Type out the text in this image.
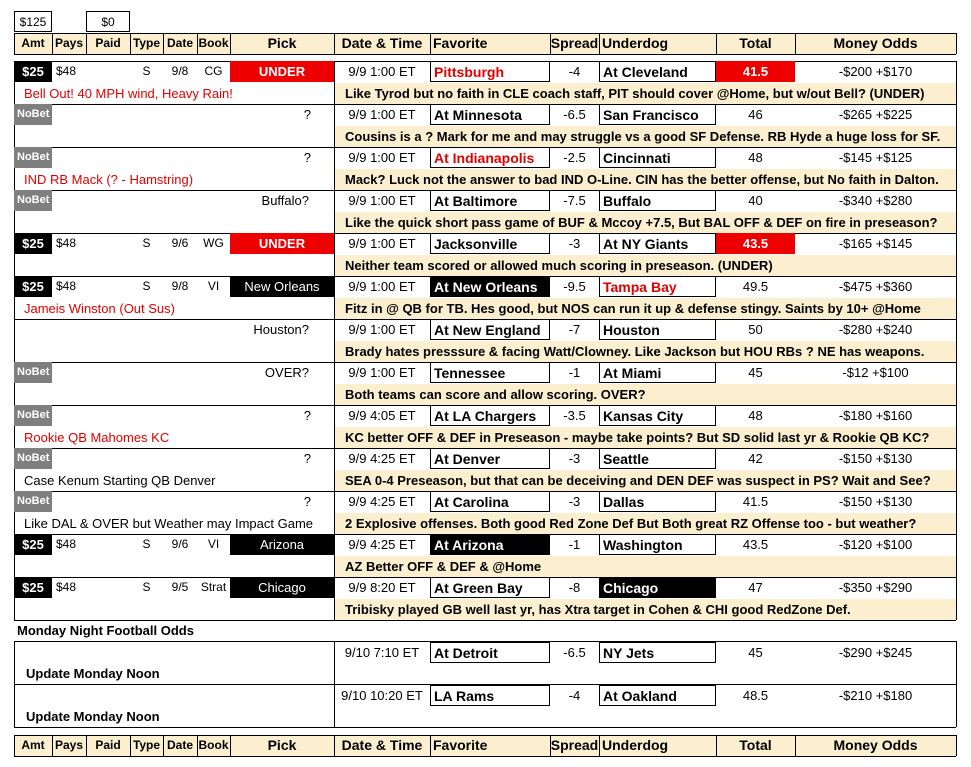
$125	$0
Amt Pays	Paid	Type Date Book	Pick	Date & Time Favorite	Spread Underdog	Total	Money Odds
Amt Pays	Paid	Type Date Book	Pick	Date & Time Favorite	Spread Underdog	Total	Money Odds
$25	$48	S	9/8	CG	UNDER	9/9 1:00 ET	Pittsburgh	-4	At Cleveland	41.5	-$200 +$170
Bell Out! 40 MPH wind, Heavy Rain!	Like Tyrod but no faith in CLE coach staff, PIT should cover @Home, but w/out Bell? (UNDER)
NoBet	?	9/9 1:00 ET	At Minnesota	-6.5	San Francisco	46	-$265 +$225
Cousins is a ? Mark for me and may struggle vs a good SF Defense. RB Hyde a huge loss for SF.
NoBet	?	9/9 1:00 ET	At Indianapolis	-2.5	Cincinnati	48	-$145 +$125
IND RB Mack (? - Hamstring)	Mack? Luck not the answer to bad IND O-Line. CIN has the better offense, but No faith in Dalton.
NoBet	Buffalo?	9/9 1:00 ET	At Baltimore	-7.5	Buffalo	40	-$340 +$280
Like the quick short pass game of BUF & Mccoy +7.5, But BAL OFF & DEF on fire in preseason?
$25	$48	S	9/6	WG	UNDER	9/9 1:00 ET	Jacksonville	-3	At NY Giants	43.5	-$165 +$145
Neither team scored or allowed much scoring in preseason. (UNDER)
$25	$48	S	9/8	VI	New Orleans	9/9 1:00 ET	At New Orleans	-9.5	Tampa Bay	49.5	-$475 +$360
Jameis Winston (Out Sus)	Fitz in @ QB for TB. Hes good, but NOS can run it up & defense stingy. Saints by 10+ @Home
Houston?	9/9 1:00 ET	At New England	-7	Houston	50	-$280 +$240
Brady hates presssure & facing Watt/Clowney. Like Jackson but HOU RBs ? NE has weapons.
NoBet	OVER?	9/9 1:00 ET	Tennessee	-1	At Miami	45	-$12 +$100
Both teams can score and allow scoring. OVER?
NoBet	?	9/9 4:05 ET	At LA Chargers	-3.5	Kansas City	48	-$180 +$160
Rookie QB Mahomes KC	KC better OFF & DEF in Preseason - maybe take points? But SD solid last yr & Rookie QB KC?
NoBet	?	9/9 4:25 ET	At Denver	-3	Seattle	42	-$150 +$130
Case Kenum Starting QB Denver	SEA 0-4 Preseason, but that can be deceiving and DEN DEF was suspect in PS? Wait and See?
NoBet	?	9/9 4:25 ET	At Carolina	-3	Dallas	41.5	-$150 +$130
Like DAL & OVER but Weather may Impact Game	2 Explosive offenses. Both good Red Zone Def But Both great RZ Offense too - but weather?
$25	$48	S	9/6	VI	Arizona	9/9 4:25 ET	At Arizona	-1	Washington	43.5	-$120 +$100
AZ Better OFF & DEF & @Home
$25	$48	S	9/5	Strat	Chicago	9/9 8:20 ET	At Green Bay	-8	Chicago	47	-$350 +$290
Tribisky played GB well last yr, has Xtra target in Cohen & CHI good RedZone Def.
Monday Night Football Odds
9/10 7:10 ET	At Detroit	-6.5	NY Jets	45	-$290 +$245
Update Monday Noon
9/10 10:20 ET LA Rams	-4	At Oakland	48.5	-$210 +$180
Update Monday Noon
